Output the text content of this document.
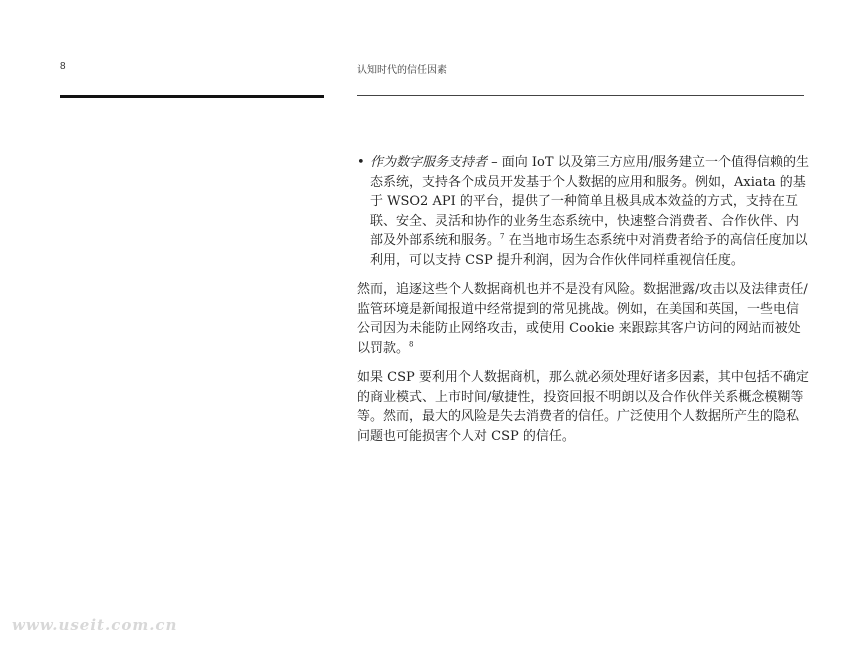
8	认知时代的信任因素
• 作为数字服务支持者 – 面向 IoT 以及第三方应用/服务建立一个值得信赖的生态系统，支持各个成员开发基于个人数据的应用和服务。例如，Axiata 的基于 WSO2 API 的平台，提供了一种简单且极具成本效益的方式，支持在互联、安全、灵活和协作的业务生态系统中，快速整合消费者、合作伙伴、内部及外部系统和服务。$^7$ 在当地市场生态系统中对消费者给予的高信任度加以利用，可以支持 CSP 提升利润，因为合作伙伴同样重视信任度。

然而，追逐这些个人数据商机也并不是没有风险。数据泄露/攻击以及法律责任/监管环境是新闻报道中经常提到的常见挑战。例如，在美国和英国，一些电信公司因为未能防止网络攻击，或使用 Cookie 来跟踪其客户访问的网站而被处以罚款。$^8$

如果 CSP 要利用个人数据商机，那么就必须处理好诸多因素，其中包括不确定的商业模式、上市时间/敏捷性，投资回报不明朗以及合作伙伴关系概念模糊等等。然而，最大的风险是失去消费者的信任。广泛使用个人数据所产生的隐私问题也可能损害个人对 CSP 的信任。

www.useit.com.cn
